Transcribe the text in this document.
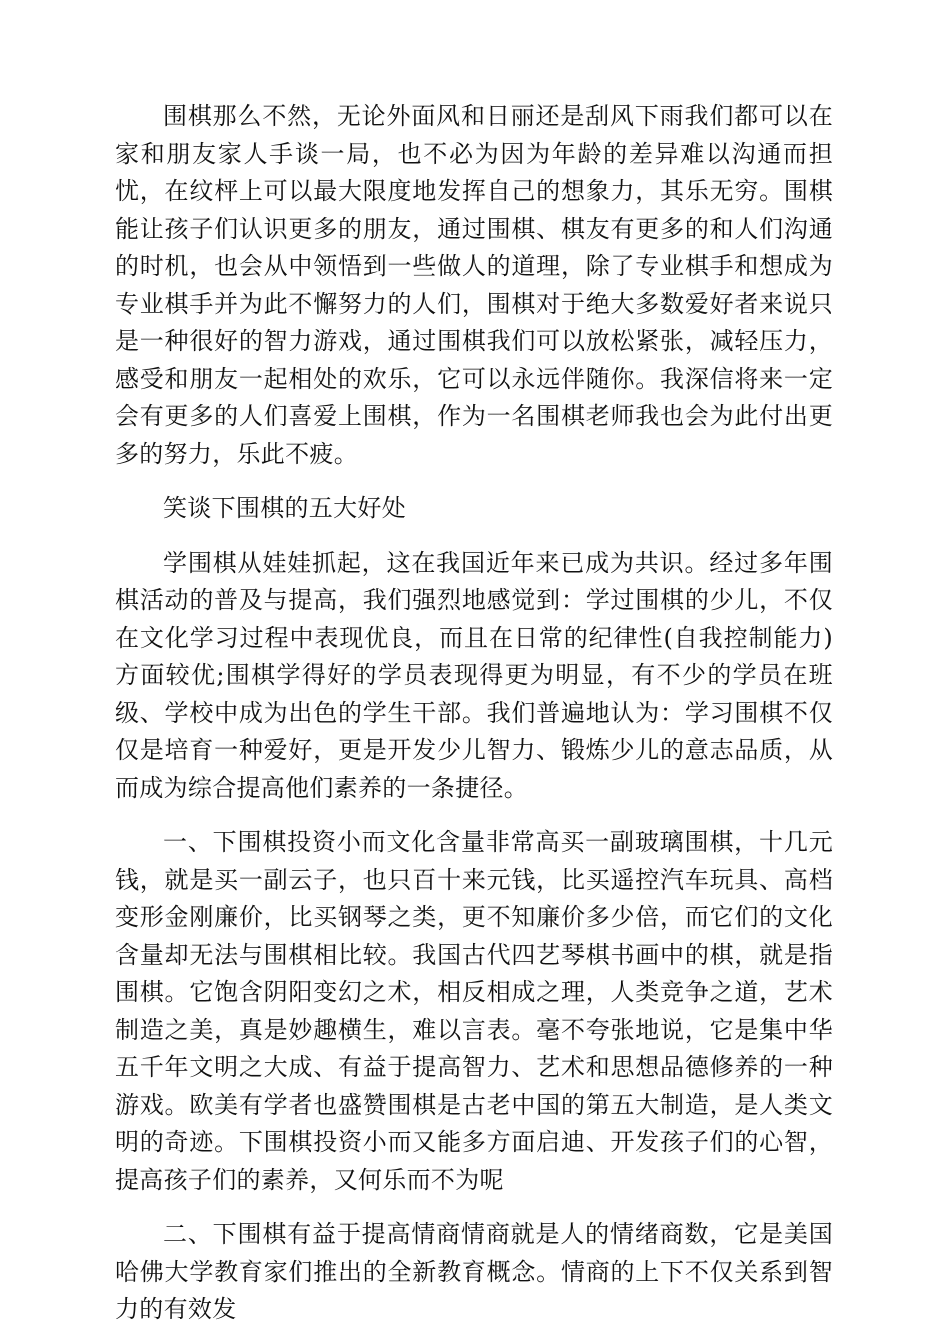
围棋那么不然，无论外面风和日丽还是刮风下雨我们都可以在家和朋友家人手谈一局，也不必为因为年龄的差异难以沟通而担忧，在纹枰上可以最大限度地发挥自己的想象力，其乐无穷。围棋能让孩子们认识更多的朋友，通过围棋、棋友有更多的和人们沟通的时机，也会从中领悟到一些做人的道理，除了专业棋手和想成为专业棋手并为此不懈努力的人们，围棋对于绝大多数爱好者来说只是一种很好的智力游戏，通过围棋我们可以放松紧张，减轻压力，感受和朋友一起相处的欢乐，它可以永远伴随你。我深信将来一定会有更多的人们喜爱上围棋，作为一名围棋老师我也会为此付出更多的努力，乐此不疲。

笑谈下围棋的五大好处

学围棋从娃娃抓起，这在我国近年来已成为共识。经过多年围棋活动的普及与提高，我们强烈地感觉到：学过围棋的少儿，不仅在文化学习过程中表现优良，而且在日常的纪律性(自我控制能力)方面较优;围棋学得好的学员表现得更为明显，有不少的学员在班级、学校中成为出色的学生干部。我们普遍地认为：学习围棋不仅仅是培育一种爱好，更是开发少儿智力、锻炼少儿的意志品质，从而成为综合提高他们素养的一条捷径。

一、下围棋投资小而文化含量非常高买一副玻璃围棋，十几元钱，就是买一副云子，也只百十来元钱，比买遥控汽车玩具、高档变形金刚廉价，比买钢琴之类，更不知廉价多少倍，而它们的文化含量却无法与围棋相比较。我国古代四艺琴棋书画中的棋，就是指围棋。它饱含阴阳变幻之术，相反相成之理，人类竞争之道，艺术制造之美，真是妙趣横生，难以言表。毫不夸张地说，它是集中华五千年文明之大成、有益于提高智力、艺术和思想品德修养的一种游戏。欧美有学者也盛赞围棋是古老中国的第五大制造，是人类文明的奇迹。下围棋投资小而又能多方面启迪、开发孩子们的心智，提高孩子们的素养，又何乐而不为呢

二、下围棋有益于提高情商情商就是人的情绪商数，它是美国哈佛大学教育家们推出的全新教育概念。情商的上下不仅关系到智力的有效发
